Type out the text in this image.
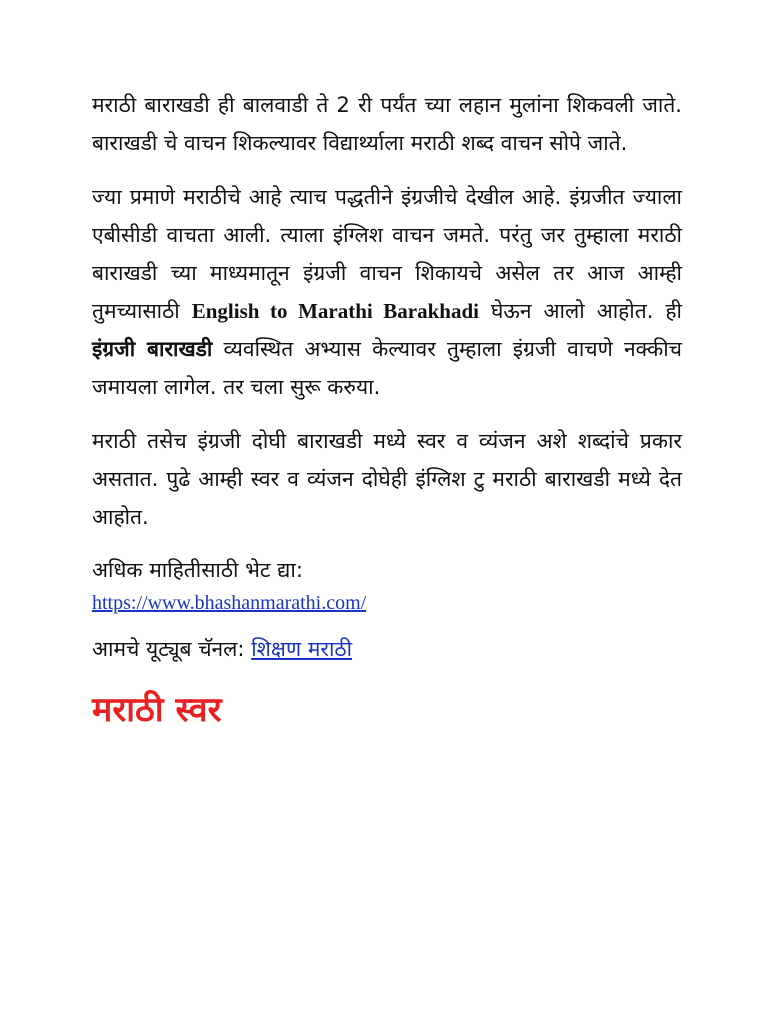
मराठी बाराखडी ही बालवाडी ते 2 री पर्यंत च्या लहान मुलांना शिकवली जाते. बाराखडी चे वाचन शिकल्यावर विद्यार्थ्याला मराठी शब्द वाचन सोपे जाते.

ज्या प्रमाणे मराठीचे आहे त्याच पद्धतीने इंग्रजीचे देखील आहे. इंग्रजीत ज्याला एबीसीडी वाचता आली. त्याला इंग्लिश वाचन जमते. परंतु जर तुम्हाला मराठी बाराखडी च्या माध्यमातून इंग्रजी वाचन शिकायचे असेल तर आज आम्ही तुमच्यासाठी English to Marathi Barakhadi घेऊन आलो आहोत. ही इंग्रजी बाराखडी व्यवस्थित अभ्यास केल्यावर तुम्हाला इंग्रजी वाचणे नक्कीच जमायला लागेल. तर चला सुरू करुया.

मराठी तसेच इंग्रजी दोघी बाराखडी मध्ये स्वर व व्यंजन अशे शब्दांचे प्रकार असतात. पुढे आम्ही स्वर व व्यंजन दोघेही इंग्लिश टु मराठी बाराखडी मध्ये देत आहोत.

अधिक माहितीसाठी भेट द्या:
https://www.bhashanmarathi.com/

आमचे यूट्यूब चॅनल: शिक्षण मराठी

मराठी स्वर
